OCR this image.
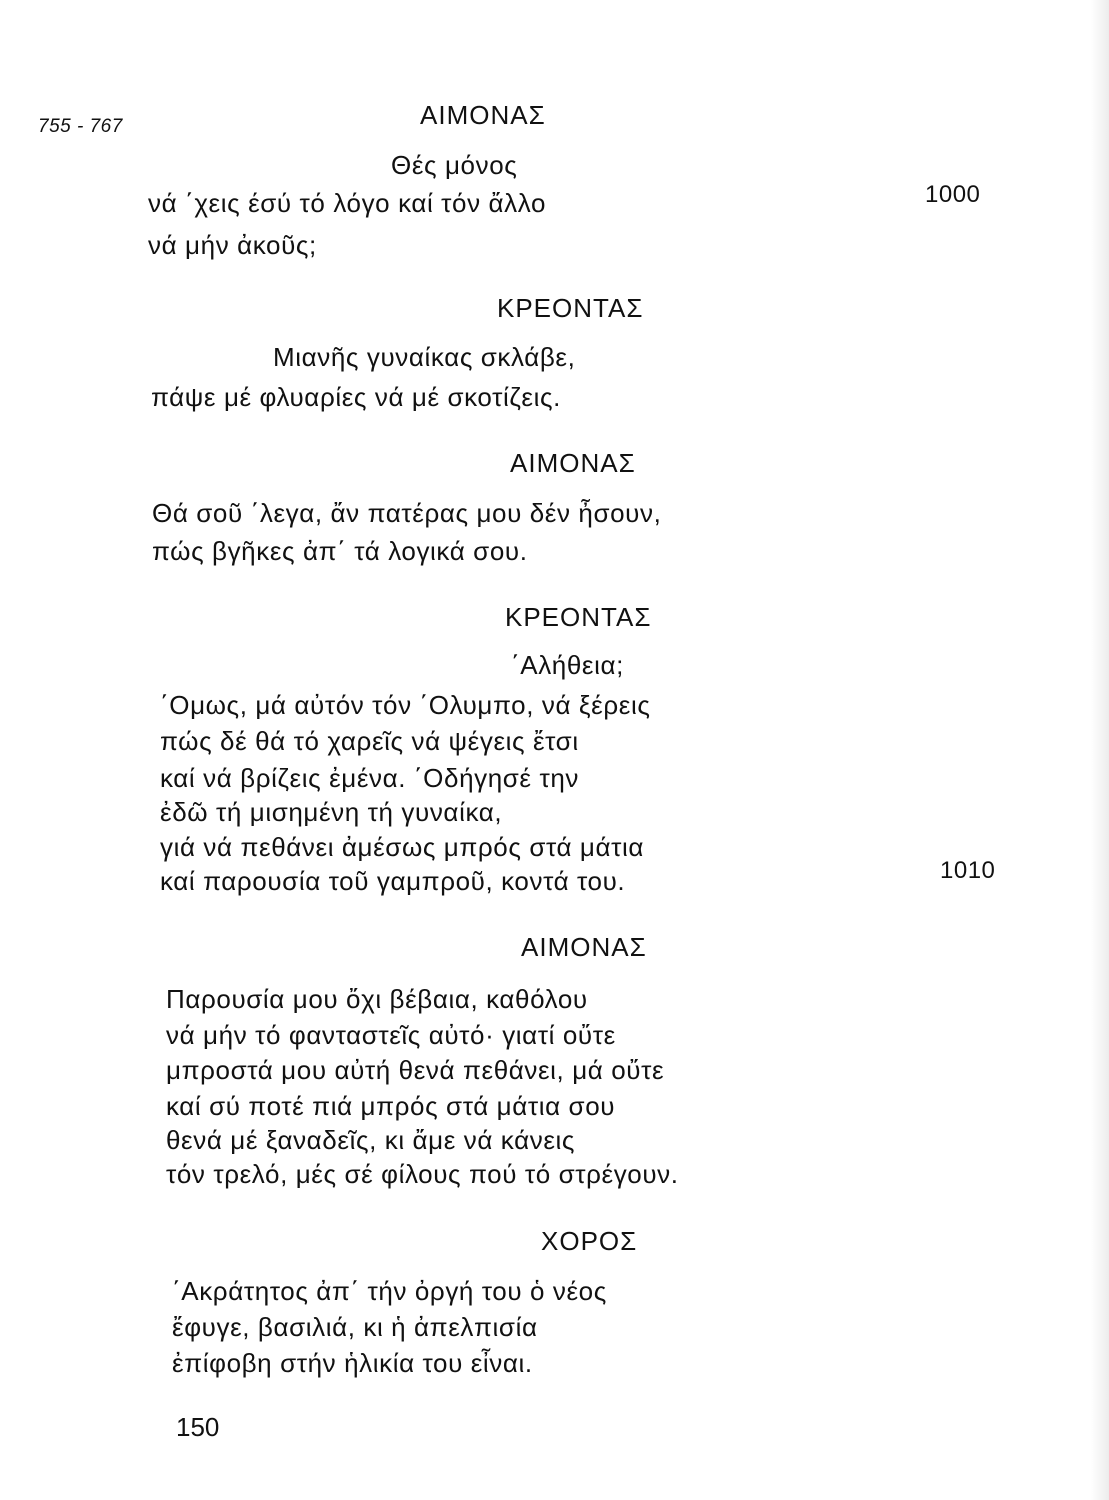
755 - 767	ΑΙΜΟΝΑΣ
Θές μόνος
νά ΄χεις έσύ τό λόγο καί τόν ἄλλο
νά μήν ἀκοῦς;
1000
ΚΡΕΟΝΤΑΣ
Μιανῆς γυναίκας σκλάβε,
πάψε μέ φλυαρίες νά μέ σκοτίζεις.
ΑΙΜΟΝΑΣ
Θά σοῦ ΄λεγα, ἄν πατέρας μου δέν ἦσουν,
πώς βγῆκες ἀπ΄ τά λογικά σου.
ΚΡΕΟΝΤΑΣ
΄Αλήθεια;
΄Ομως, μά αὐτόν τόν ΄Ολυμπο, νά ξέρεις
πώς δέ θά τό χαρεῖς νά ψέγεις ἔτσι
καί νά βρίζεις ἐμένα. ΄Οδήγησέ την
ἐδῶ τή μισημένη τή γυναίκα,
γιά νά πεθάνει ἀμέσως μπρός στά μάτια
καί παρουσία τοῦ γαμπροῦ, κοντά του.	1010
ΑΙΜΟΝΑΣ
Παρουσία μου ὄχι βέβαια, καθόλου
νά μήν τό φανταστεῖς αὐτό· γιατί οὔτε
μπροστά μου αὐτή θενά πεθάνει, μά οὔτε
καί σύ ποτέ πιά μπρός στά μάτια σου
θενά μέ ξαναδεῖς, κι ἄμε νά κάνεις
τόν τρελό, μές σέ φίλους πού τό στρέγουν.
ΧΟΡΟΣ
΄Ακράτητος ἀπ΄ τήν ὀργή του ὁ νέος
ἔφυγε, βασιλιά, κι ἡ ἀπελπισία
ἐπίφοβη στήν ἡλικία του εἶναι.
150
